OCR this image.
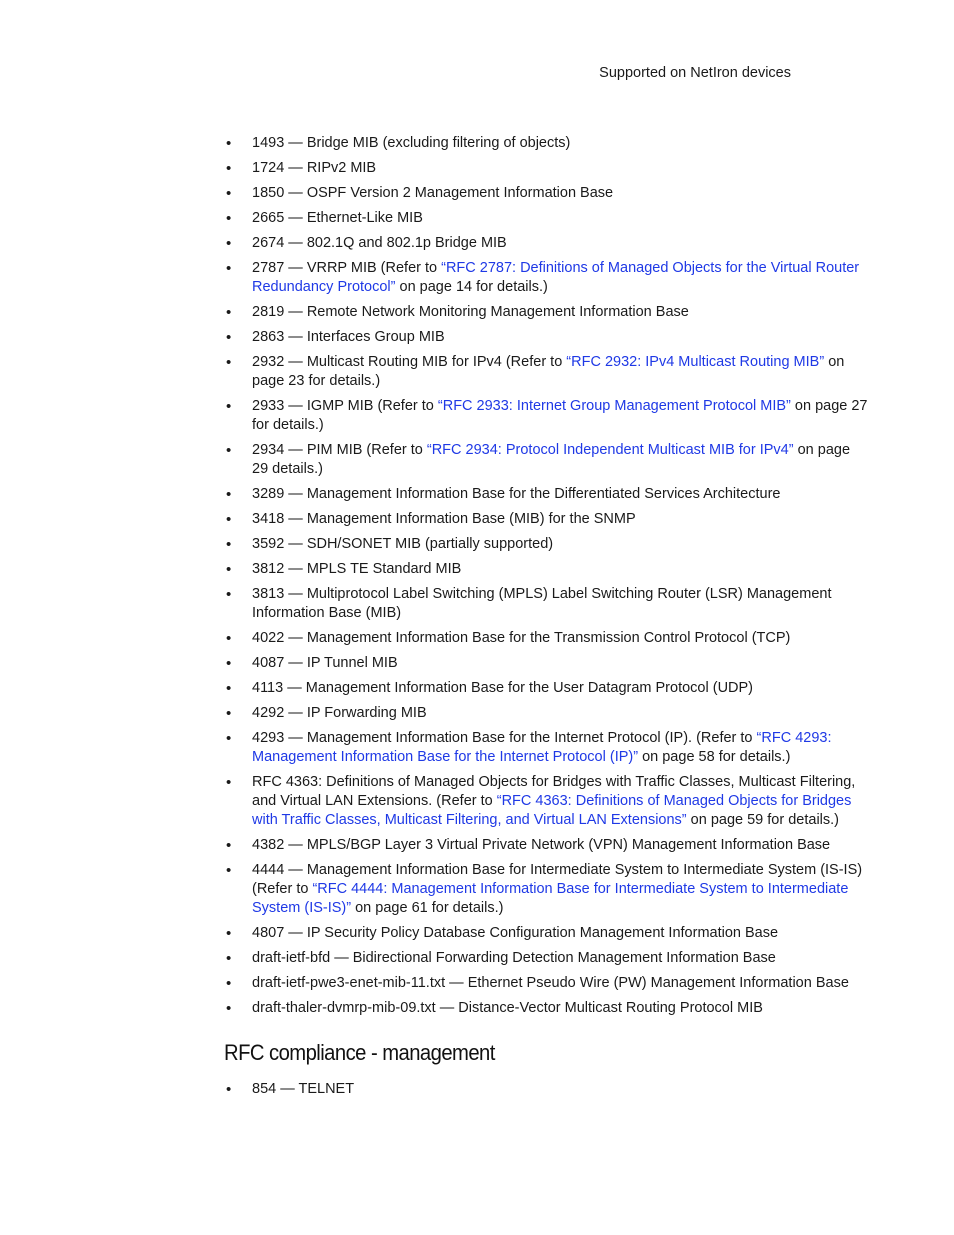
Supported on NetIron devices
• 1493 — Bridge MIB (excluding filtering of objects)
• 1724 — RIPv2 MIB
• 1850 — OSPF Version 2 Management Information Base
• 2665 — Ethernet-Like MIB
• 2674 — 802.1Q and 802.1p Bridge MIB
• 2787 — VRRP MIB (Refer to “RFC 2787: Definitions of Managed Objects for the Virtual Router Redundancy Protocol” on page 14 for details.)
• 2819 — Remote Network Monitoring Management Information Base
• 2863 — Interfaces Group MIB
• 2932 — Multicast Routing MIB for IPv4 (Refer to “RFC 2932: IPv4 Multicast Routing MIB” on page 23 for details.)
• 2933 — IGMP MIB (Refer to “RFC 2933: Internet Group Management Protocol MIB” on page 27 for details.)
• 2934 — PIM MIB (Refer to “RFC 2934: Protocol Independent Multicast MIB for IPv4” on page 29 details.)
• 3289 — Management Information Base for the Differentiated Services Architecture
• 3418 — Management Information Base (MIB) for the SNMP
• 3592 — SDH/SONET MIB (partially supported)
• 3812 — MPLS TE Standard MIB
• 3813 — Multiprotocol Label Switching (MPLS) Label Switching Router (LSR) Management Information Base (MIB)
• 4022 — Management Information Base for the Transmission Control Protocol (TCP)
• 4087 — IP Tunnel MIB
• 4113 — Management Information Base for the User Datagram Protocol (UDP)
• 4292 — IP Forwarding MIB
• 4293 — Management Information Base for the Internet Protocol (IP). (Refer to “RFC 4293: Management Information Base for the Internet Protocol (IP)” on page 58 for details.)
• RFC 4363: Definitions of Managed Objects for Bridges with Traffic Classes, Multicast Filtering, and Virtual LAN Extensions. (Refer to “RFC 4363: Definitions of Managed Objects for Bridges with Traffic Classes, Multicast Filtering, and Virtual LAN Extensions” on page 59 for details.)
• 4382 — MPLS/BGP Layer 3 Virtual Private Network (VPN) Management Information Base
• 4444 — Management Information Base for Intermediate System to Intermediate System (IS-IS) (Refer to “RFC 4444: Management Information Base for Intermediate System to Intermediate System (IS-IS)” on page 61 for details.)
• 4807 — IP Security Policy Database Configuration Management Information Base
• draft-ietf-bfd — Bidirectional Forwarding Detection Management Information Base
• draft-ietf-pwe3-enet-mib-11.txt — Ethernet Pseudo Wire (PW) Management Information Base
• draft-thaler-dvmrp-mib-09.txt — Distance-Vector Multicast Routing Protocol MIB
RFC compliance - management
• 854 — TELNET
